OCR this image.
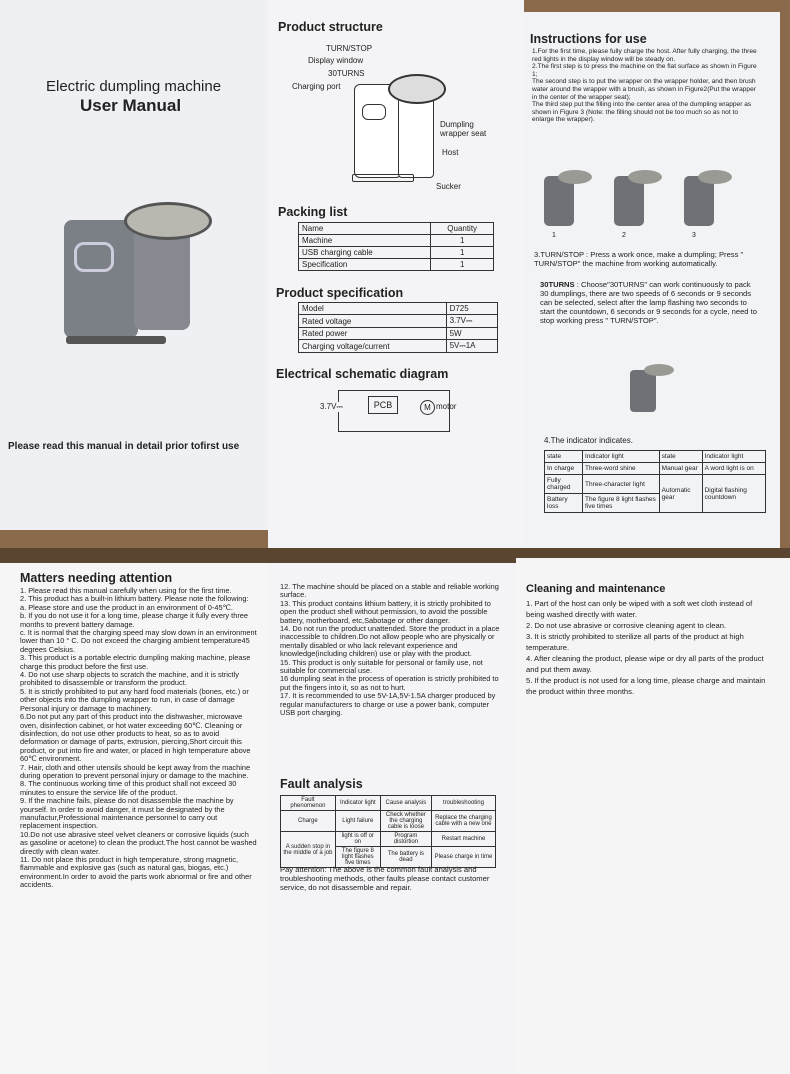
Electric dumpling machine
User Manual
Please read this manual in detail prior tofirst use
Product structure
TURN/STOP
Display window
30TURNS
Charging port
Dumpling wrapper seat
Host
Sucker
Packing list
Name	Quantity
Machine	1
USB charging cable	1
Specification	1
Product specification
Model	D725
Rated voltage	3.7V⎓
Rated power	5W
Charging voltage/current	5V⎓1A
Electrical schematic diagram
PCB
3.7V⎓	M motor
Instructions for use
1.For the first time, please fully charge the host. After fully charging, the three red lights in the display window will be steady on.
2.The first step is to press the machine on the flat surface as shown in Figure 1;
The second step is to put the wrapper on the wrapper holder, and then brush water around the wrapper with a brush, as shown in Figure2(Put the wrapper in the center of the wrapper seat);
The third step put the filling into the center area of the dumpling wrapper as shown in Figure 3 (Note: the filling should not be too much so as not to enlarge the wrapper).
1	2	3
3.TURN/STOP : Press a work once, make a dumpling; Press " TURN/STOP" the machine from working automatically.
30TURNS : Choose"30TURNS" can work continuously to pack 30 dumplings, there are two speeds of 6 seconds or 9 seconds can be selected, select after the lamp flashing two seconds to start the countdown, 6 seconds or 9 seconds for a cycle, need to stop working press " TURN/STOP".
4.The indicator indicates.
state	Indicator light	state	Indicator light
In charge	Three-word shine	Manual gear	A word light is on
Fully charged	Three-character light	Automatic gear	Digital flashing countdown
Battery loss	The figure 8 light flashes five times		
Matters needing attention
1. Please read this manual carefully when using for the first time.
2. This product has a built-in lithium battery. Please note the following:
a. Please store and use the product in an environment of 0-45℃.
b. If you do not use it for a long time, please charge it fully every three months to prevent battery damage.
c. It is normal that the charging speed may slow down in an environment lower than 10 ° C. Do not exceed the charging ambient temperature45 degrees Celsius.
3. This product is a portable electric dumpling making machine, please charge this product before the first use.
4. Do not use sharp objects to scratch the machine, and it is strictly prohibited to disassemble or transform the product.
5. It is strictly prohibited to put any hard food materials (bones, etc.) or other objects into the dumpling wrapper to run, in case of damage Personal injury or damage to machinery.
6.Do not put any part of this product into the dishwasher, microwave oven, disinfection cabinet, or hot water exceeding 60℃. Cleaning or disinfection, do not use other products to heat, so as to avoid deformation or damage of parts, extrusion, piercing,Short circuit this product, or put into fire and water, or placed in high temperature above 60℃ environment.
7. Hair, cloth and other utensils should be kept away from the machine during operation to prevent personal injury or damage to the machine.
8. The continuous working time of this product shall not exceed 30 minutes to ensure the service life of the product.
9. If the machine fails, please do not disassemble the machine by yourself. In order to avoid danger, it must be designated by the manufactur,Professional maintenance personnel to carry out replacement inspection.
10.Do not use abrasive steel velvet cleaners or corrosive liquids (such as gasoline or acetone) to clean the product.The host cannot be washed directly with clean water.
11. Do not place this product in high temperature, strong magnetic, flammable and explosive gas (such as natural gas, biogas, etc.) environment.In order to avoid the parts work abnormal or fire and other accidents.
12. The machine should be placed on a stable and reliable working surface.
13. This product contains lithium battery, it is strictly prohibited to open the product shell without permission, to avoid the possible battery, motherboard, etc,Sabotage or other danger.
14. Do not run the product unattended. Store the product in a place inaccessible to children.Do not allow people who are physically or mentally disabled or who lack relevant experience and knowledge(including children) use or play with the product.
15. This product is only suitable for personal or family use, not suitable for commercial use.
16 dumpling seat in the process of operation is strictly prohibited to put the fingers into it, so as not to hurt.
17. It is recommended to use 5V-1A,5V-1.5A charger produced by regular manufacturers to charge or use a power bank, computer USB port charging.
Fault analysis
Fault phenomenon	Indicator light	Cause analysis	troubleshooting
Charge	Light failure	Check whether the charging cable is loose	Replace the charging cable with a new one
A sudden stop in the middle of a job	light is off or on	Program distortion	Restart machine
	The figure 8 light flashes five times	The battery is dead	Please charge in time
Pay attention: The above is the common fault analysis and troubleshooting methods, other faults please contact customer service, do not disassemble and repair.
Cleaning and maintenance
1. Part of the host can only be wiped with a soft wet cloth instead of being washed directly with water.
2. Do not use abrasive or corrosive cleaning agent to clean.
3. It is strictly prohibited to sterilize all parts of the product at high temperature.
4. After cleaning the product, please wipe or dry all parts of the product and put them away.
5. If the product is not used for a long time, please charge and maintain the product within three months.
